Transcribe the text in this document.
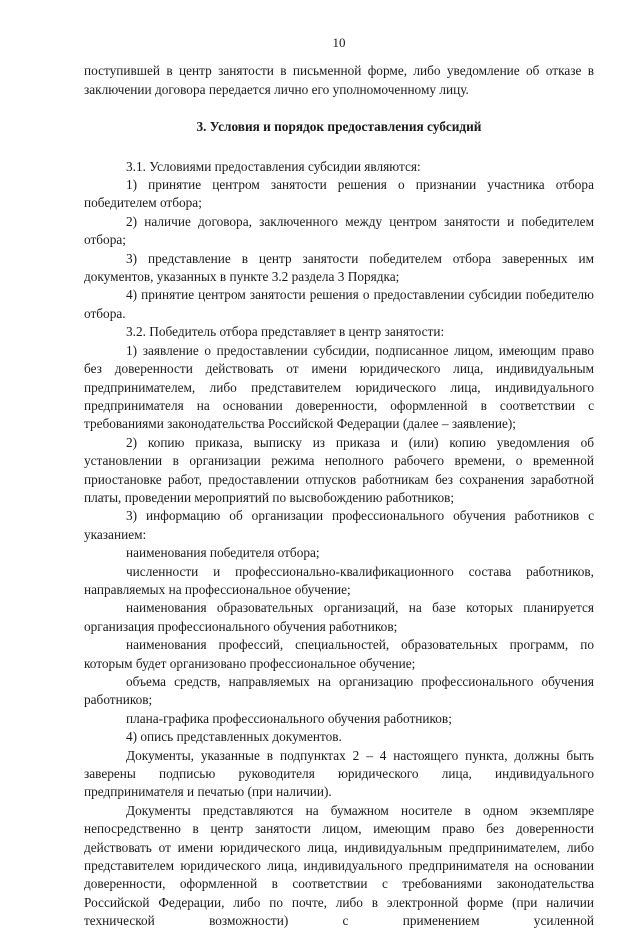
10

поступившей в центр занятости в письменной форме, либо уведомление об отказе в заключении договора передается лично его уполномоченному лицу.

3. Условия и порядок предоставления субсидий

3.1. Условиями предоставления субсидии являются:

1) принятие центром занятости решения о признании участника отбора победителем отбора;

2) наличие договора, заключенного между центром занятости и победителем отбора;

3) представление в центр занятости победителем отбора заверенных им документов, указанных в пункте 3.2 раздела 3 Порядка;

4) принятие центром занятости решения о предоставлении субсидии победителю отбора.

3.2. Победитель отбора представляет в центр занятости:

1) заявление о предоставлении субсидии, подписанное лицом, имеющим право без доверенности действовать от имени юридического лица, индивидуальным предпринимателем, либо представителем юридического лица, индивидуального предпринимателя на основании доверенности, оформленной в соответствии с требованиями законодательства Российской Федерации (далее – заявление);

2) копию приказа, выписку из приказа и (или) копию уведомления об установлении в организации режима неполного рабочего времени, о временной приостановке работ, предоставлении отпусков работникам без сохранения заработной платы, проведении мероприятий по высвобождению работников;

3) информацию об организации профессионального обучения работников с указанием:

наименования победителя отбора;

численности и профессионально-квалификационного состава работников, направляемых на профессиональное обучение;

наименования образовательных организаций, на базе которых планируется организация профессионального обучения работников;

наименования профессий, специальностей, образовательных программ, по которым будет организовано профессиональное обучение;

объема средств, направляемых на организацию профессионального обучения работников;

плана-графика профессионального обучения работников;

4) опись представленных документов.

Документы, указанные в подпунктах 2 – 4 настоящего пункта, должны быть заверены подписью руководителя юридического лица, индивидуального предпринимателя и печатью (при наличии).

Документы представляются на бумажном носителе в одном экземпляре непосредственно в центр занятости лицом, имеющим право без доверенности действовать от имени юридического лица, индивидуальным предпринимателем, либо представителем юридического лица, индивидуального предпринимателя на основании доверенности, оформленной в соответствии с требованиями законодательства Российской Федерации, либо по почте, либо в электронной форме (при наличии технической возможности) с применением усиленной
